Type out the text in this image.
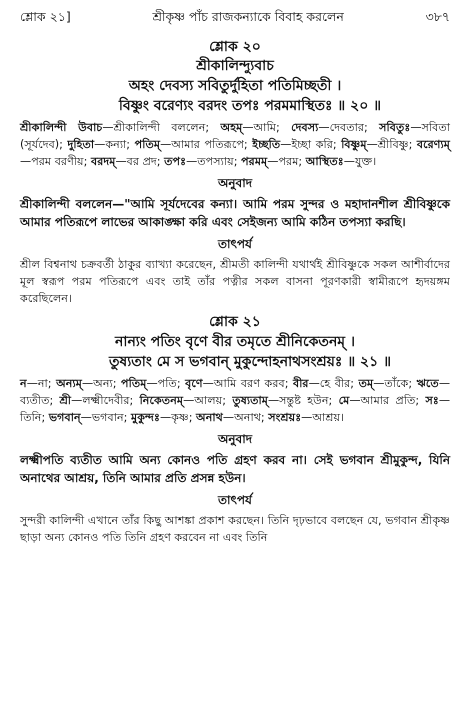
শ্লোক ২১]	শ্রীকৃষ্ণ পাঁচ রাজকন্যাকে বিবাহ করলেন	৩৮৭
শ্লোক ২০
শ্রীকালিন্দ্যুবাচ
অহং দেবস্য সবিতুর্দুহিতা পতিমিচ্ছতী ।
বিষ্ণুং বরেণ্যং বরদং তপঃ পরমমাস্থিতঃ ॥ ২০ ॥
শ্রীকালিন্দী উবাচ—শ্রীকালিন্দী বললেন; অহম্—আমি; দেবস্য—দেবতার; সবিতুঃ—সবিতা (সূর্যদেব); দুহিতা—কন্যা; পতিম্—আমার পতিরূপে; ইচ্ছতি—ইচ্ছা করি; বিষ্ণুম্—শ্রীবিষ্ণু; বরেণ্যম্—পরম বরণীয়; বরদম্—বর প্রদ; তপঃ—তপস্যায়; পরমম্—পরম; আস্থিতঃ—যুক্ত।
অনুবাদ
শ্রীকালিন্দী বললেন—"আমি সূর্যদেবের কন্যা। আমি পরম সুন্দর ও মহাদানশীল শ্রীবিষ্ণুকে আমার পতিরূপে লাভের আকাঙ্ক্ষা করি এবং সেইজন্য আমি কঠিন তপস্যা করছি।
তাৎপর্য
শ্রীল বিশ্বনাথ চক্রবর্তী ঠাকুর ব্যাখ্যা করেছেন, শ্রীমতী কালিন্দী যথার্থই শ্রীবিষ্ণুকে সকল আশীর্বাদের মূল স্বরূপ পরম পতিরূপে এবং তাই তাঁর পত্নীর সকল বাসনা পূরণকারী স্বামীরূপে হৃদয়ঙ্গম করেছিলেন।
শ্লোক ২১
নান্যং পতিং বৃণে বীর তমৃতে শ্রীনিকেতনম্ ।
তুষ্যতাং মে স ভগবান্ মুকুন্দোহনাথসংশ্রয়ঃ ॥ ২১ ॥
ন—না; অন্যম্—অন্য; পতিম্—পতি; বৃণে—আমি বরণ করব; বীর—হে বীর; তম্—তাঁকে; ঋতে—ব্যতীত; শ্রী—লক্ষ্মীদেবীর; নিকেতনম্—আলয়; তুষ্যতাম্—সন্তুষ্ট হউন; মে—আমার প্রতি; সঃ—তিনি; ভগবান্—ভগবান; মুকুন্দঃ—কৃষ্ণ; অনাথ—অনাথ; সংশ্রয়ঃ—আশ্রয়।
অনুবাদ
লক্ষ্মীপতি ব্যতীত আমি অন্য কোনও পতি গ্রহণ করব না। সেই ভগবান শ্রীমুকুন্দ, যিনি অনাথের আশ্রয়, তিনি আমার প্রতি প্রসন্ন হউন।
তাৎপর্য
সুন্দরী কালিন্দী এখানে তাঁর কিছু আশঙ্কা প্রকাশ করছেন। তিনি দৃঢ়ভাবে বলছেন যে, ভগবান শ্রীকৃষ্ণ ছাড়া অন্য কোনও পতি তিনি গ্রহণ করবেন না এবং তিনি
